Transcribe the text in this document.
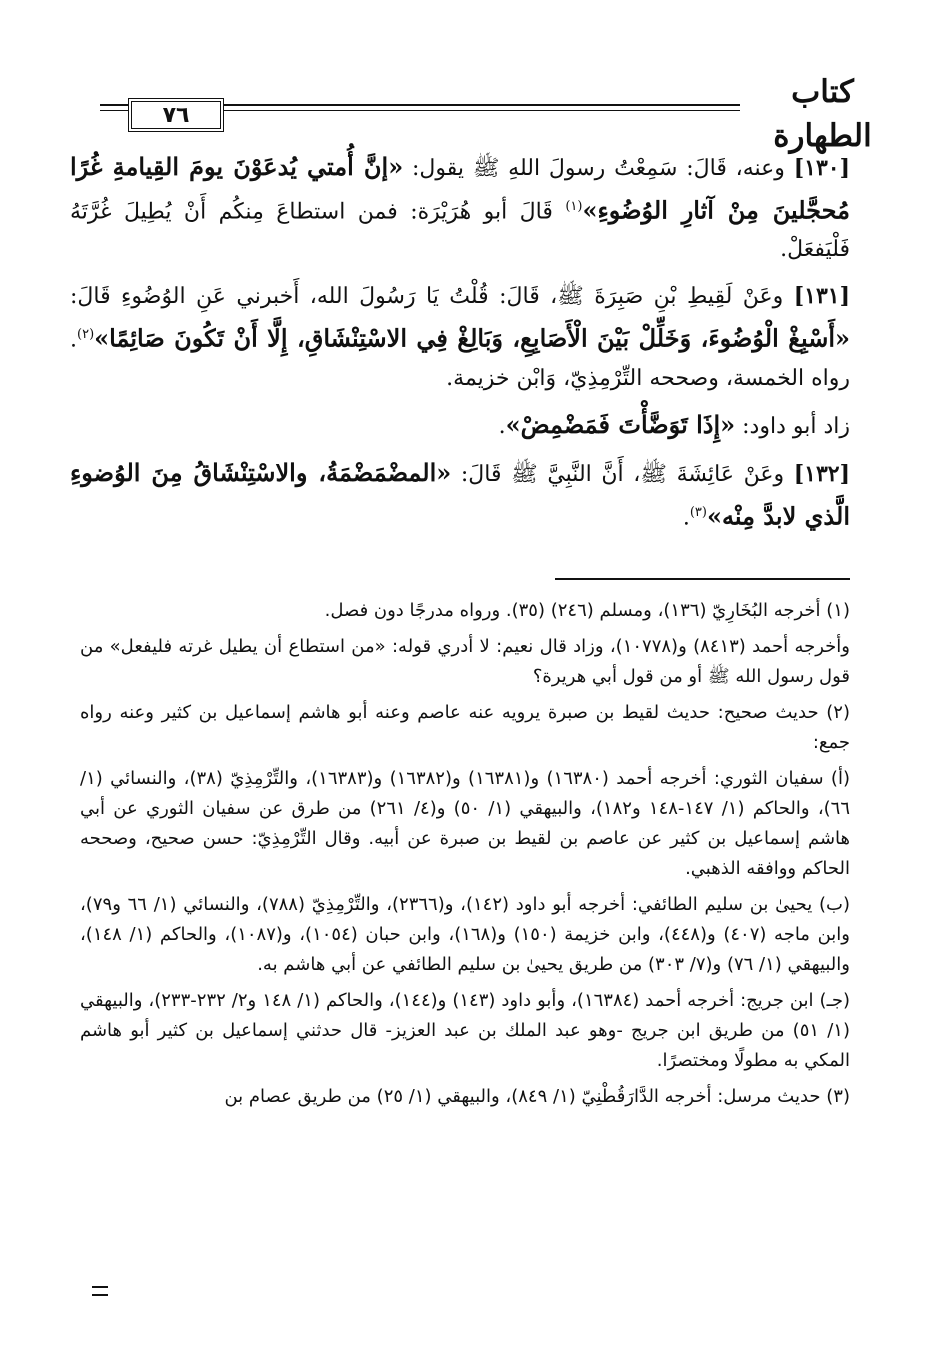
٧٦
كتاب الطهارة

[١٣٠] وعنه، قَالَ: سَمِعْتُ رسولَ اللهِ ﷺ يقول: «إنَّ أُمتي يُدعَوْنَ يومَ القِيامةِ غُرًا مُحجَّلينَ مِنْ آثارِ الوُضُوءِ»$^{(١)}$ قَالَ أبو هُرَيْرَة: فمن استطاعَ مِنكُم أَنْ يُطِيلَ غُرَّتَهُ فَلْيَفعَلْ.

[١٣١] وعَنْ لَقِيطِ بْنِ صَبِرَةَ ﷺ، قَالَ: قُلْتُ يَا رَسُولَ الله، أَخبرني عَنِ الوُضُوءِ قَالَ: «أَسْبِغْ الْوُضُوءَ، وَخَلِّلْ بَيْنَ الْأَصَابِعِ، وَبَالِغْ فِي الاسْتِنْشَاقِ، إِلَّا أَنْ تَكُونَ صَائِمًا»$^{(٢)}$. رواه الخمسة، وصححه التِّرْمِذِيّ، وَابْن خزيمة.

زاد أبو داود: «إِذَا تَوَضَّأْتَ فَمَضْمِضْ».

[١٣٢] وعَنْ عَائِشَةَ ﷺ، أَنَّ النَّبِيَّ ﷺ قَالَ: «المضْمَضْمَةُ، والاسْتِنْشَاقُ مِنَ الوُضوءِ الَّذي لابدَّ مِنْه»$^{(٣)}$.

(١) أخرجه البُخَارِيّ (١٣٦)، ومسلم (٢٤٦) (٣٥). ورواه مدرجًا دون فصل.

وأخرجه أحمد (٨٤١٣) و(١٠٧٧٨)، وزاد قال نعيم: لا أدري قوله: «من استطاع أن يطيل غرته فليفعل» من قول رسول الله ﷺ أو من قول أبي هريرة؟

(٢) حديث صحيح: حديث لقيط بن صبرة يرويه عنه عاصم وعنه أبو هاشم إسماعيل بن كثير وعنه رواه جمع:

(أ) سفيان الثوري: أخرجه أحمد (١٦٣٨٠) و(١٦٣٨١) و(١٦٣٨٢) و(١٦٣٨٣)، والتِّرْمِذِيّ (٣٨)، والنسائي (١/ ٦٦)، والحاكم (١/ ١٤٧-١٤٨ و١٨٢)، والبيهقي (١/ ٥٠) و(٤/ ٢٦١) من طرق عن سفيان الثوري عن أبي هاشم إسماعيل بن كثير عن عاصم بن لقيط بن صبرة عن أبيه. وقال التِّرْمِذِيّ: حسن صحيح، وصححه الحاكم ووافقه الذهبي.

(ب) يحيىٰ بن سليم الطائفي: أخرجه أبو داود (١٤٢)، و(٢٣٦٦)، والتِّرْمِذِيّ (٧٨٨)، والنسائي (١/ ٦٦ و٧٩)، وابن ماجه (٤٠٧) و(٤٤٨)، وابن خزيمة (١٥٠) و(١٦٨)، وابن حبان (١٠٥٤)، و(١٠٨٧)، والحاكم (١/ ١٤٨)، والبيهقي (١/ ٧٦) و(٧/ ٣٠٣) من طريق يحيىٰ بن سليم الطائفي عن أبي هاشم به.

(جـ) ابن جريج: أخرجه أحمد (١٦٣٨٤)، وأبو داود (١٤٣) و(١٤٤)، والحاكم (١/ ١٤٨ و٢/ ٢٣٢-٢٣٣)، والبيهقي (١/ ٥١) من طريق ابن جريج -وهو عبد الملك بن عبد العزيز- قال حدثني إسماعيل بن كثير أبو هاشم المكي به مطولًا ومختصرًا.

(٣) حديث مرسل: أخرجه الدَّارَقُطْنِيّ (١/ ٨٤٩)، والبيهقي (١/ ٢٥) من طريق عصام بن
